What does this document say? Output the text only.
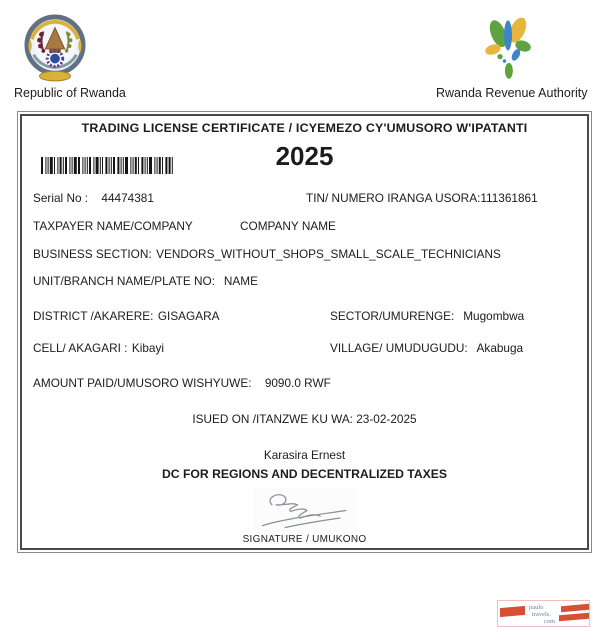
Republic of Rwanda	Rwanda Revenue Authority
TRADING LICENSE CERTIFICATE / ICYEMEZO CY'UMUSORO W'IPATANTI
2025
Serial No : 44474381	TIN/ NUMERO IRANGA USORA:111361861
TAXPAYER NAME/COMPANY	COMPANY NAME
BUSINESS SECTION: VENDORS_WITHOUT_SHOPS_SMALL_SCALE_TECHNICIANS
UNIT/BRANCH NAME/PLATE NO: NAME
DISTRICT /AKARERE: GISAGARA	SECTOR/UMURENGE: Mugombwa
CELL/ AKAGARI : Kibayi	VILLAGE/ UMUDUGUDU: Akabuga
AMOUNT PAID/UMUSORO WISHYUWE: 9090.0 RWF
ISUED ON /ITANZWE KU WA: 23-02-2025
Karasira Ernest
DC FOR REGIONS AND DECENTRALIZED TAXES
SIGNATURE / UMUKONO
paulo
travels.
com
